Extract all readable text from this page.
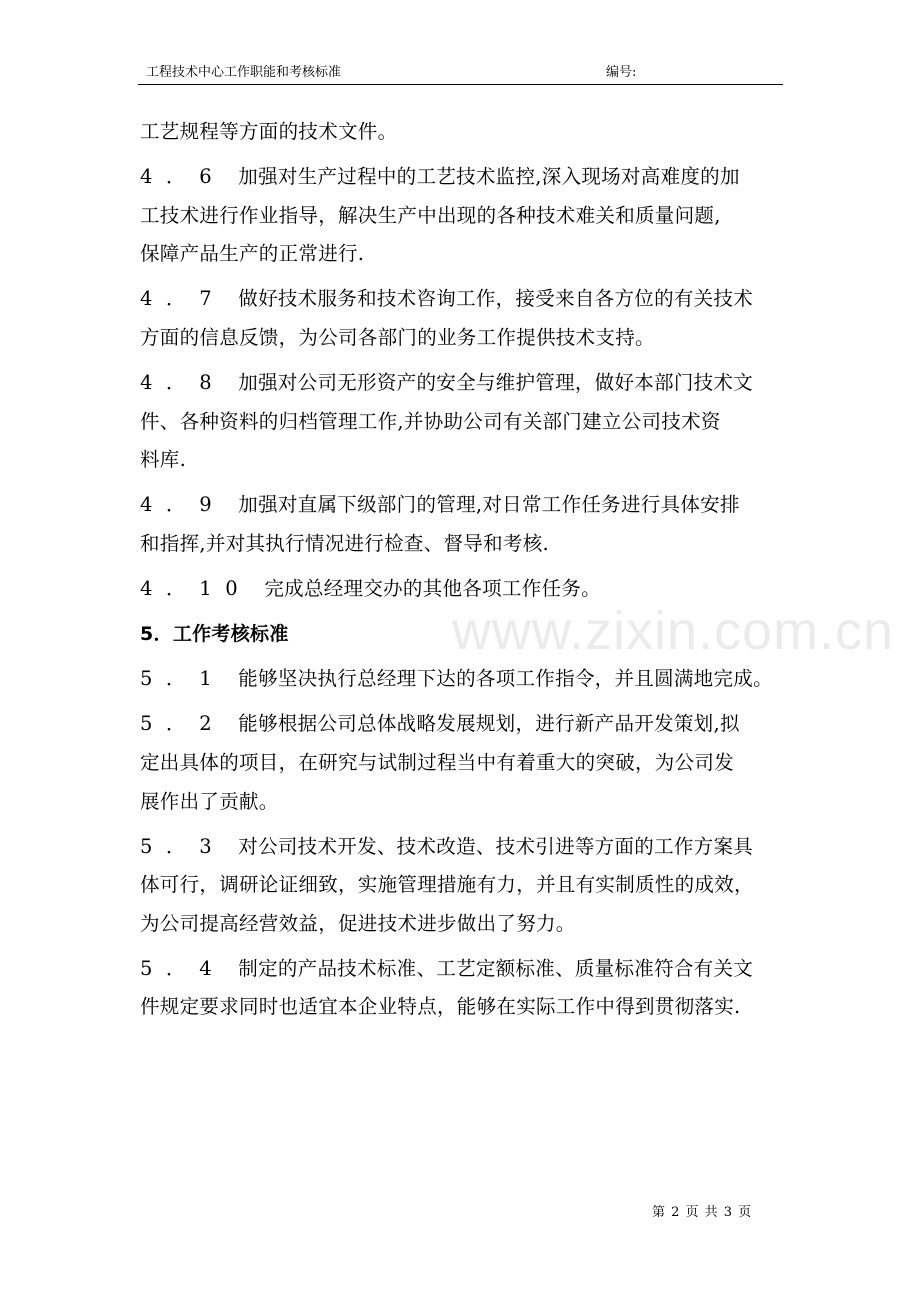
工程技术中心工作职能和考核标准	编号:

工艺规程等方面的技术文件。

4．6 加强对生产过程中的工艺技术监控,深入现场对高难度的加
工技术进行作业指导，解决生产中出现的各种技术难关和质量问题,
保障产品生产的正常进行.

4．7 做好技术服务和技术咨询工作，接受来自各方位的有关技术
方面的信息反馈，为公司各部门的业务工作提供技术支持。

4．8 加强对公司无形资产的安全与维护管理，做好本部门技术文
件、各种资料的归档管理工作,并协助公司有关部门建立公司技术资
料库.

4．9 加强对直属下级部门的管理,对日常工作任务进行具体安排
和指挥,并对其执行情况进行检查、督导和考核.

4．10 完成总经理交办的其他各项工作任务。

5．工作考核标准

5．1 能够坚决执行总经理下达的各项工作指令，并且圆满地完成。

5．2 能够根据公司总体战略发展规划，进行新产品开发策划,拟
定出具体的项目，在研究与试制过程当中有着重大的突破，为公司发
展作出了贡献。

5．3 对公司技术开发、技术改造、技术引进等方面的工作方案具
体可行，调研论证细致，实施管理措施有力，并且有实制质性的成效，
为公司提高经营效益，促进技术进步做出了努力。

5．4 制定的产品技术标准、工艺定额标准、质量标准符合有关文
件规定要求同时也适宜本企业特点，能够在实际工作中得到贯彻落实.

www.zixin.com.cn
第 2 页 共 3 页
